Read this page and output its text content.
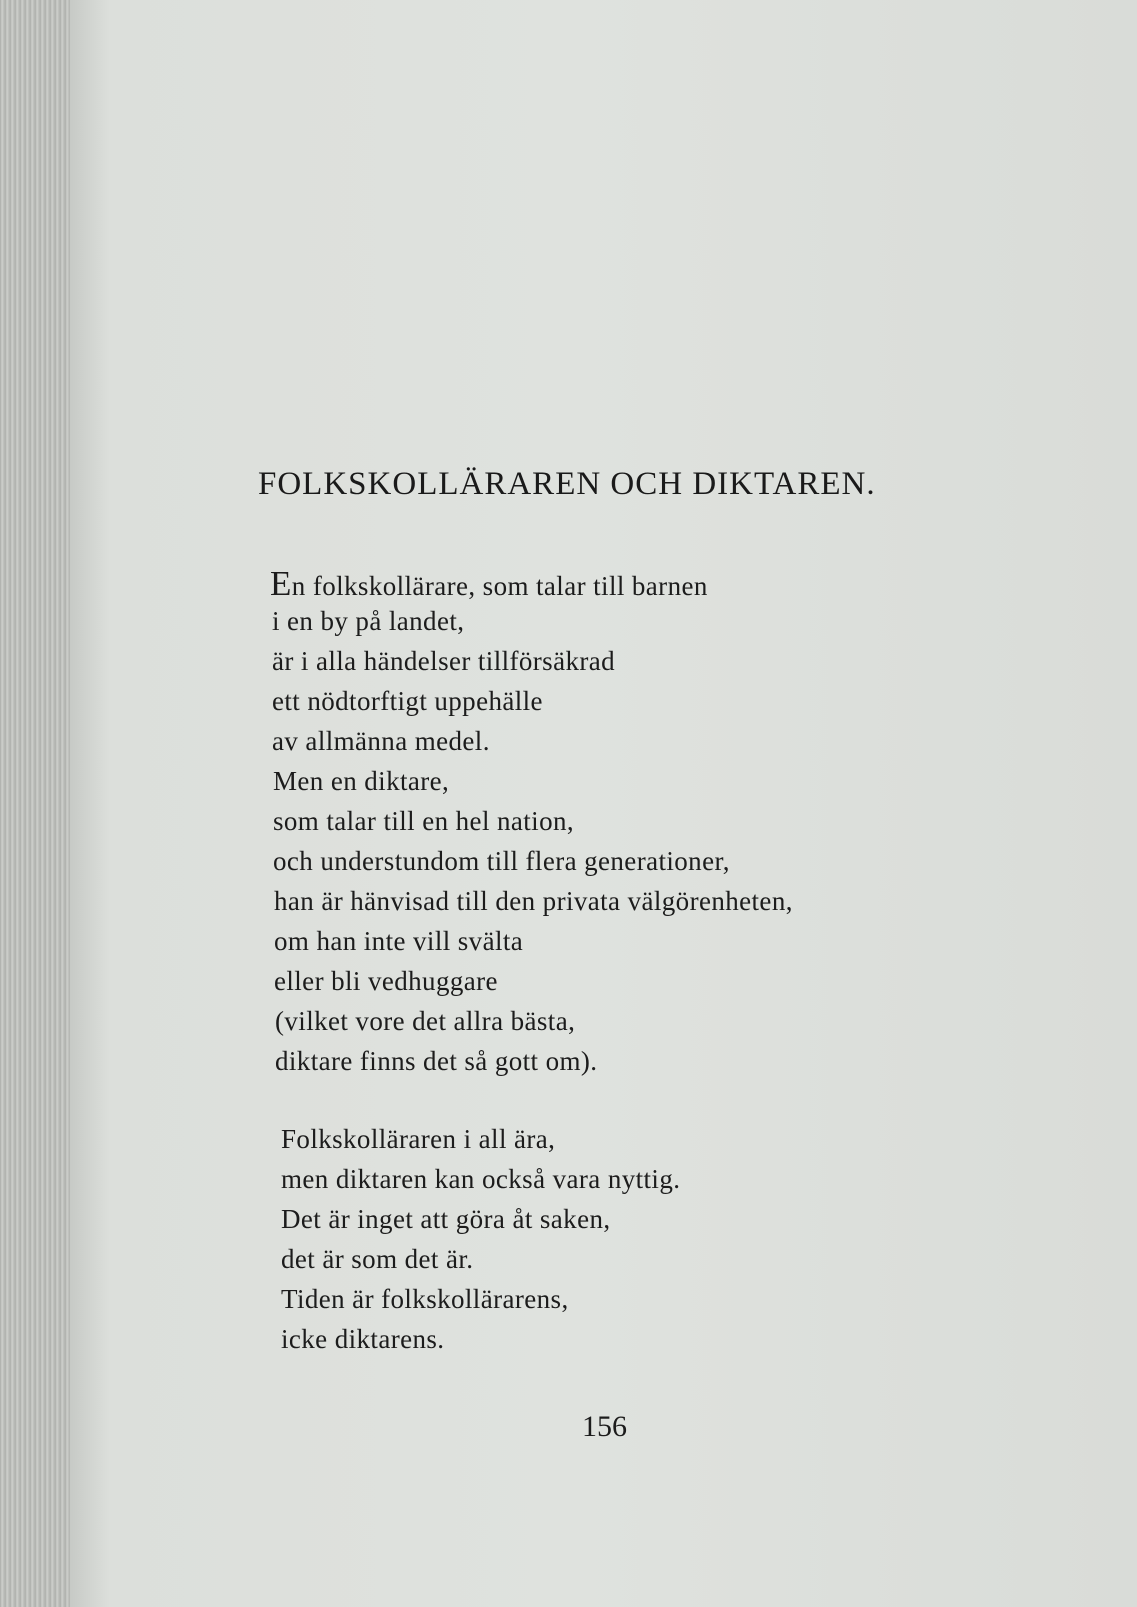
FOLKSKOLLÄRAREN OCH DIKTAREN.
En folkskollärare, som talar till barnen
i en by på landet,
är i alla händelser tillförsäkrad
ett nödtorftigt uppehälle
av allmänna medel.
Men en diktare,
som talar till en hel nation,
och understundom till flera generationer,
han är hänvisad till den privata välgörenheten,
om han inte vill svälta
eller bli vedhuggare
(vilket vore det allra bästa,
diktare finns det så gott om).
Folkskolläraren i all ära,
men diktaren kan också vara nyttig.
Det är inget att göra åt saken,
det är som det är.
Tiden är folkskollärarens,
icke diktarens.
156
